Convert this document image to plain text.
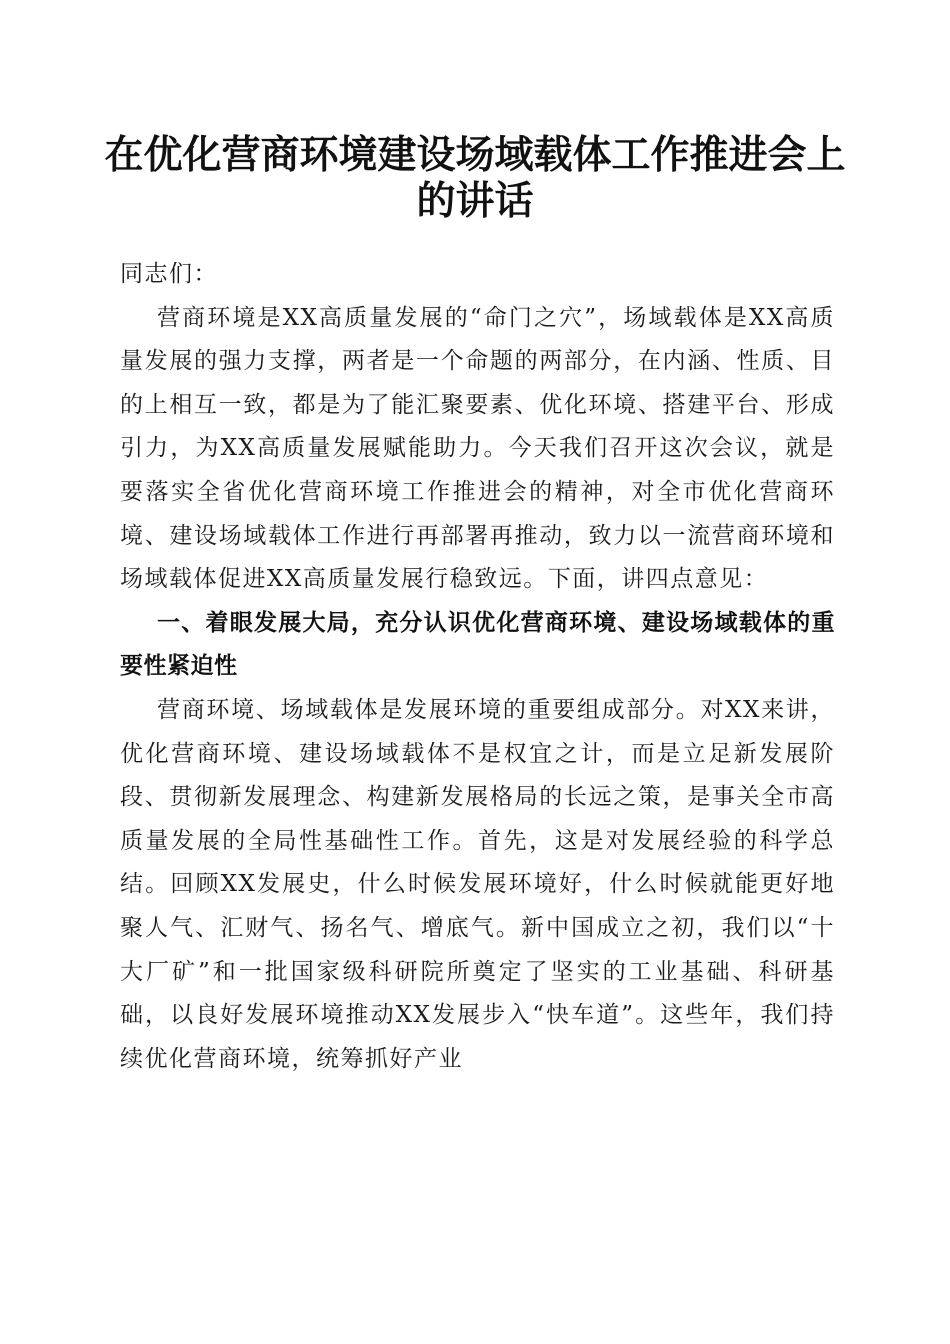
在优化营商环境建设场域载体工作推进会上的讲话

同志们：

营商环境是XX高质量发展的“命门之穴”，场域载体是XX高质量发展的强力支撑，两者是一个命题的两部分，在内涵、性质、目的上相互一致，都是为了能汇聚要素、优化环境、搭建平台、形成引力，为XX高质量发展赋能助力。今天我们召开这次会议，就是要落实全省优化营商环境工作推进会的精神，对全市优化营商环境、建设场域载体工作进行再部署再推动，致力以一流营商环境和场域载体促进XX高质量发展行稳致远。下面，讲四点意见：

一、着眼发展大局，充分认识优化营商环境、建设场域载体的重要性紧迫性

营商环境、场域载体是发展环境的重要组成部分。对XX来讲，优化营商环境、建设场域载体不是权宜之计，而是立足新发展阶段、贯彻新发展理念、构建新发展格局的长远之策，是事关全市高质量发展的全局性基础性工作。首先，这是对发展经验的科学总结。回顾XX发展史，什么时候发展环境好，什么时候就能更好地聚人气、汇财气、扬名气、增底气。新中国成立之初，我们以“十大厂矿”和一批国家级科研院所奠定了坚实的工业基础、科研基础，以良好发展环境推动XX发展步入“快车道”。这些年，我们持续优化营商环境，统筹抓好产业
